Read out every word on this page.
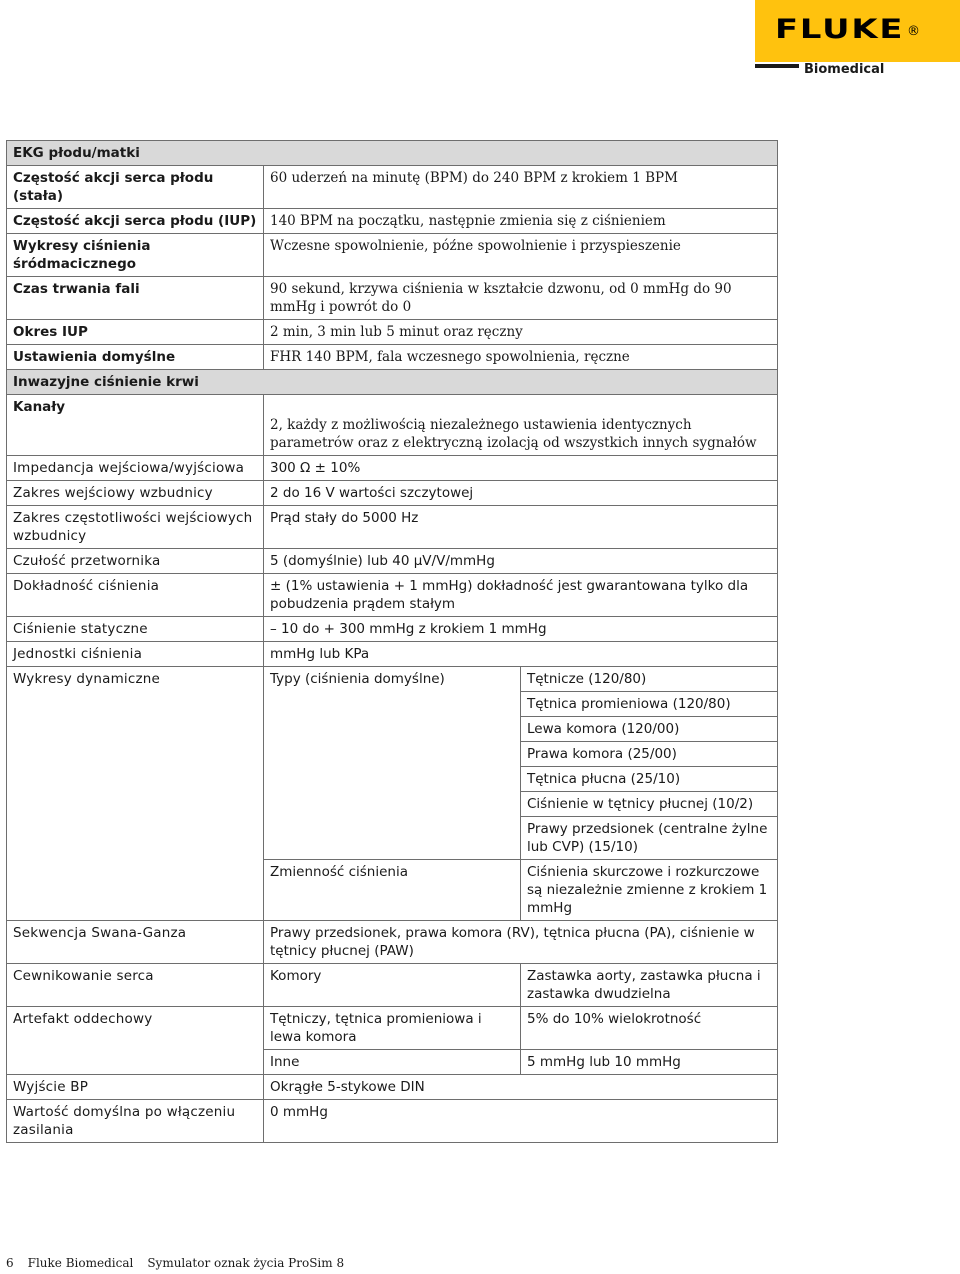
FLUKE ®
Biomedical
EKG płodu/matki		
Częstość akcji serca płodu (stała)	60 uderzeń na minutę (BPM) do 240 BPM z krokiem 1 BPM	
Częstość akcji serca płodu (IUP)	140 BPM na początku, następnie zmienia się z ciśnieniem	
Wykresy ciśnienia śródmacicznego	Wczesne spowolnienie, późne spowolnienie i przyspieszenie	
Czas trwania fali	90 sekund, krzywa ciśnienia w kształcie dzwonu, od 0 mmHg do 90 mmHg i powrót do 0	
Okres IUP	2 min, 3 min lub 5 minut oraz ręczny	
Ustawienia domyślne	FHR 140 BPM, fala wczesnego spowolnienia, ręczne	
Inwazyjne ciśnienie krwi		
Kanały	2, każdy z możliwością niezależnego ustawienia identycznych parametrów oraz z elektryczną izolacją od wszystkich innych sygnałów	
Impedancja wejściowa/wyjściowa	300 Ω ± 10%	
Zakres wejściowy wzbudnicy	2 do 16 V wartości szczytowej	
Zakres częstotliwości wejściowych wzbudnicy	Prąd stały do 5000 Hz	
Czułość przetwornika	5 (domyślnie) lub 40 µV/V/mmHg	
Dokładność ciśnienia	± (1% ustawienia + 1 mmHg) dokładność jest gwarantowana tylko dla pobudzenia prądem stałym	
Ciśnienie statyczne	– 10 do + 300 mmHg z krokiem 1 mmHg	
Jednostki ciśnienia	mmHg lub KPa	
Wykresy dynamiczne	Typy (ciśnienia domyślne)	Tętnicze (120/80)
		Tętnica promieniowa (120/80)
		Lewa komora (120/00)
		Prawa komora (25/00)
		Tętnica płucna (25/10)
		Ciśnienie w tętnicy płucnej (10/2)
		Prawy przedsionek (centralne żylne lub CVP) (15/10)
	Zmienność ciśnienia	Ciśnienia skurczowe i rozkurczowe są niezależnie zmienne z krokiem 1 mmHg
Sekwencja Swana-Ganza	Prawy przedsionek, prawa komora (RV), tętnica płucna (PA), ciśnienie w tętnicy płucnej (PAW)	
Cewnikowanie serca	Komory	Zastawka aorty, zastawka płucna i zastawka dwudzielna
Artefakt oddechowy	Tętniczy, tętnica promieniowa i lewa komora	5% do 10% wielokrotność
	Inne	5 mmHg lub 10 mmHg
Wyjście BP	Okrągłe 5-stykowe DIN	
Wartość domyślna po włączeniu zasilania	0 mmHg	
6 Fluke Biomedical Symulator oznak życia ProSim 8
